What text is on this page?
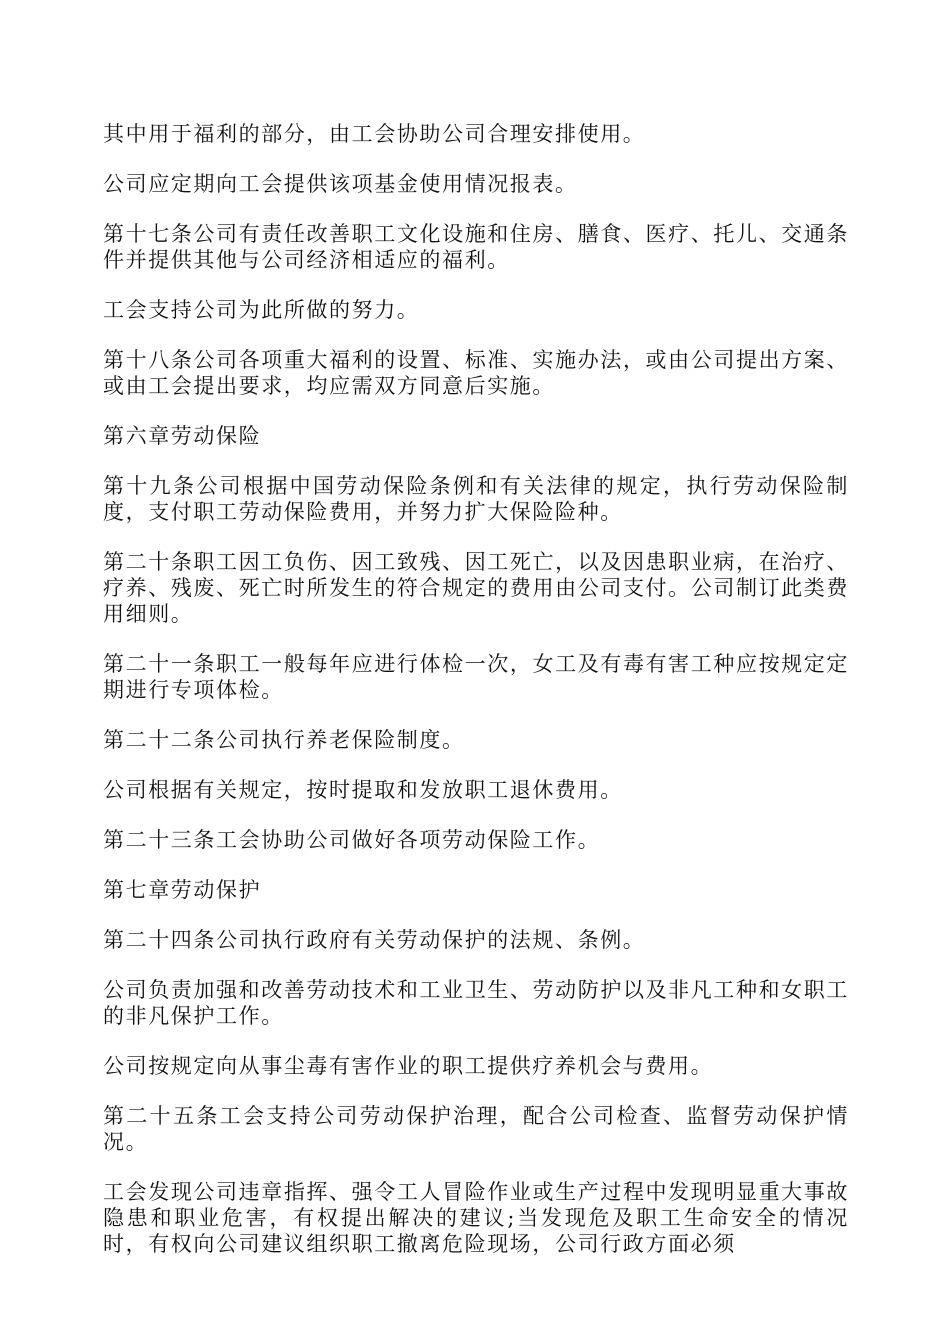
其中用于福利的部分，由工会协助公司合理安排使用。

公司应定期向工会提供该项基金使用情况报表。

第十七条公司有责任改善职工文化设施和住房、膳食、医疗、托儿、交通条件并提供其他与公司经济相适应的福利。

工会支持公司为此所做的努力。

第十八条公司各项重大福利的设置、标准、实施办法，或由公司提出方案、或由工会提出要求，均应需双方同意后实施。

第六章劳动保险

第十九条公司根据中国劳动保险条例和有关法律的规定，执行劳动保险制度，支付职工劳动保险费用，并努力扩大保险险种。

第二十条职工因工负伤、因工致残、因工死亡，以及因患职业病，在治疗、疗养、残废、死亡时所发生的符合规定的费用由公司支付。公司制订此类费用细则。

第二十一条职工一般每年应进行体检一次，女工及有毒有害工种应按规定定期进行专项体检。

第二十二条公司执行养老保险制度。

公司根据有关规定，按时提取和发放职工退休费用。

第二十三条工会协助公司做好各项劳动保险工作。

第七章劳动保护

第二十四条公司执行政府有关劳动保护的法规、条例。

公司负责加强和改善劳动技术和工业卫生、劳动防护以及非凡工种和女职工的非凡保护工作。

公司按规定向从事尘毒有害作业的职工提供疗养机会与费用。

第二十五条工会支持公司劳动保护治理，配合公司检查、监督劳动保护情况。

工会发现公司违章指挥、强令工人冒险作业或生产过程中发现明显重大事故隐患和职业危害，有权提出解决的建议;当发现危及职工生命安全的情况时，有权向公司建议组织职工撤离危险现场，公司行政方面必须
